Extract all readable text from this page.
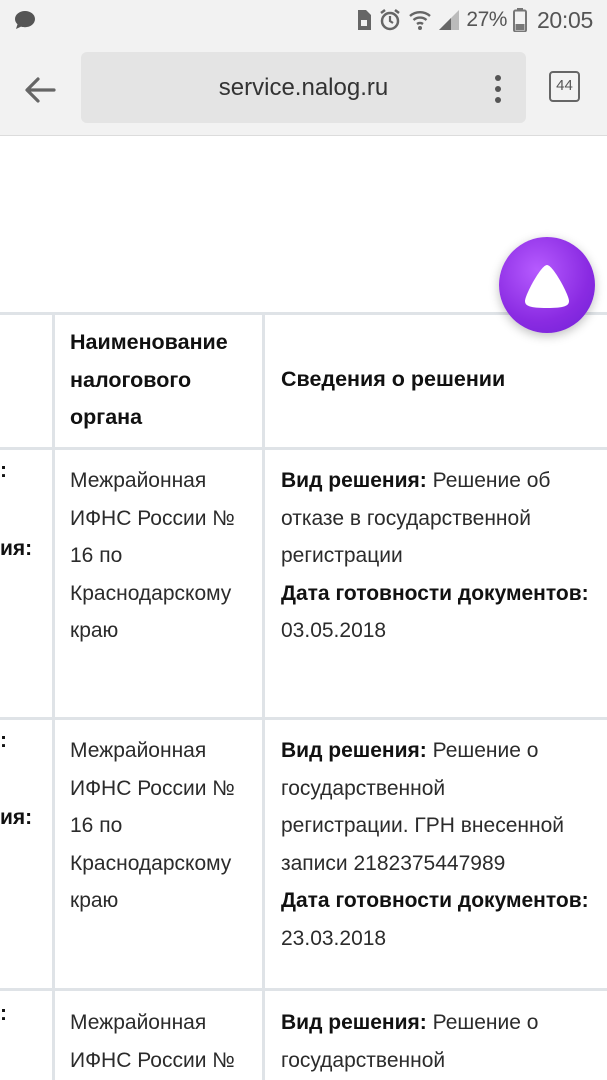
27% 20:05
service.nalog.ru	44
Наименование
налогового
органа
Сведения о решении
:
ия:
Межрайонная
ИФНС России №
16 по
Краснодарскому
краю
Вид решения: Решение об
отказе в государственной
регистрации
Дата готовности документов:
03.05.2018
:
ия:
Межрайонная
ИФНС России №
16 по
Краснодарскому
краю
Вид решения: Решение о
государственной
регистрации. ГРН внесенной
записи 2182375447989
Дата готовности документов:
23.03.2018
:	Межрайонная
ИФНС России №
Вид решения: Решение о
государственной
